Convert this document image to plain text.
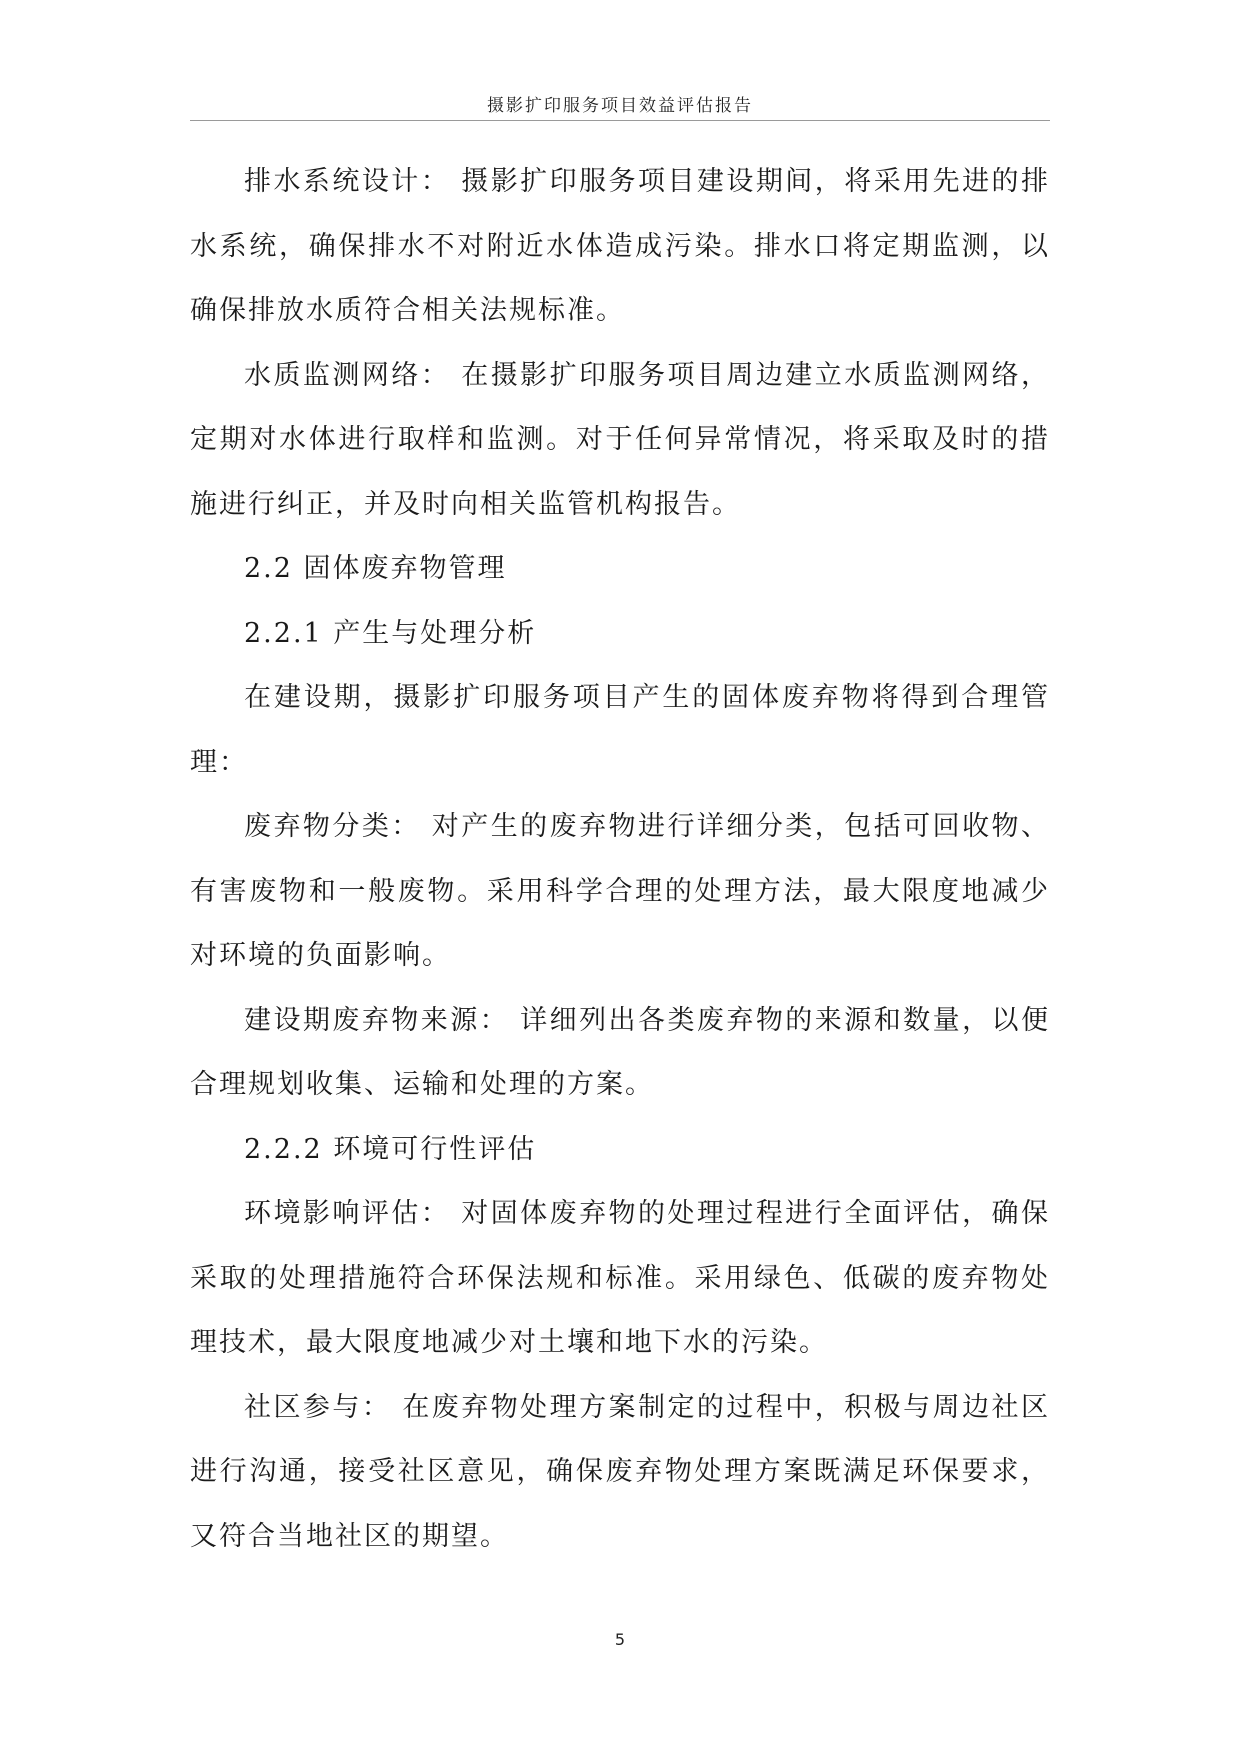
摄影扩印服务项目效益评估报告

排水系统设计： 摄影扩印服务项目建设期间，将采用先进的排水系统，确保排水不对附近水体造成污染。排水口将定期监测，以确保排放水质符合相关法规标准。

水质监测网络： 在摄影扩印服务项目周边建立水质监测网络，定期对水体进行取样和监测。对于任何异常情况，将采取及时的措施进行纠正，并及时向相关监管机构报告。

2.2 固体废弃物管理

2.2.1 产生与处理分析

在建设期，摄影扩印服务项目产生的固体废弃物将得到合理管理：

废弃物分类： 对产生的废弃物进行详细分类，包括可回收物、有害废物和一般废物。采用科学合理的处理方法，最大限度地减少对环境的负面影响。

建设期废弃物来源： 详细列出各类废弃物的来源和数量，以便合理规划收集、运输和处理的方案。

2.2.2 环境可行性评估

环境影响评估： 对固体废弃物的处理过程进行全面评估，确保采取的处理措施符合环保法规和标准。采用绿色、低碳的废弃物处理技术，最大限度地减少对土壤和地下水的污染。

社区参与： 在废弃物处理方案制定的过程中，积极与周边社区进行沟通，接受社区意见，确保废弃物处理方案既满足环保要求，又符合当地社区的期望。

5
